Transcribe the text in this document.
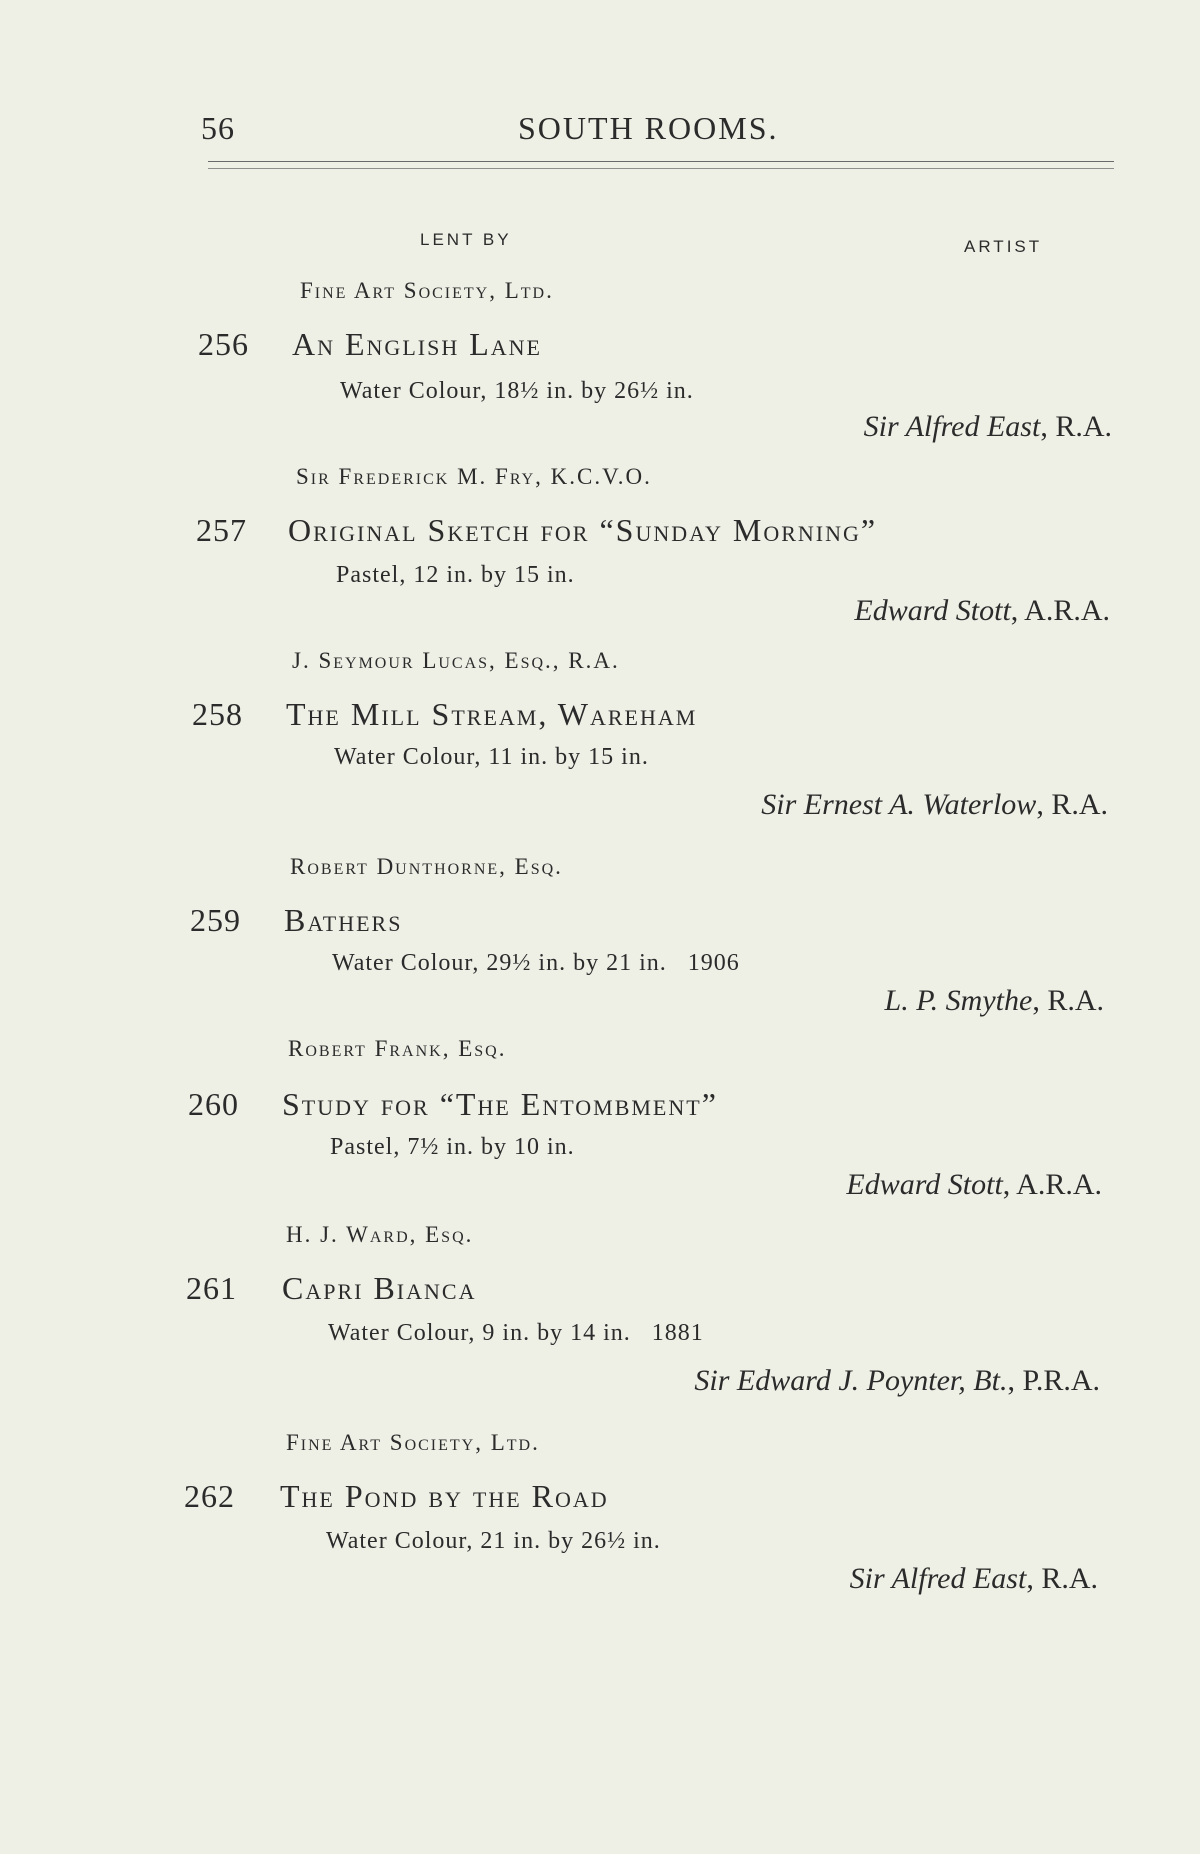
56	SOUTH ROOMS.
LENT BY	ARTIST
Fine Art Society, Ltd.
256 An English Lane
Water Colour, 18½ in. by 26½ in.
Sir Alfred East, R.A.
Sir Frederick M. Fry, K.C.V.O.
257 Original Sketch for “Sunday Morning”
Pastel, 12 in. by 15 in.
Edward Stott, A.R.A.
J. Seymour Lucas, Esq., R.A.
258 The Mill Stream, Wareham
Water Colour, 11 in. by 15 in.
Sir Ernest A. Waterlow, R.A.
Robert Dunthorne, Esq.
259 Bathers
Water Colour, 29½ in. by 21 in.   1906
L. P. Smythe, R.A.
Robert Frank, Esq.
260 Study for “The Entombment”
Pastel, 7½ in. by 10 in.
Edward Stott, A.R.A.
H. J. Ward, Esq.
261 Capri Bianca
Water Colour, 9 in. by 14 in.   1881
Sir Edward J. Poynter, Bt., P.R.A.
Fine Art Society, Ltd.
262 The Pond by the Road
Water Colour, 21 in. by 26½ in.
Sir Alfred East, R.A.
